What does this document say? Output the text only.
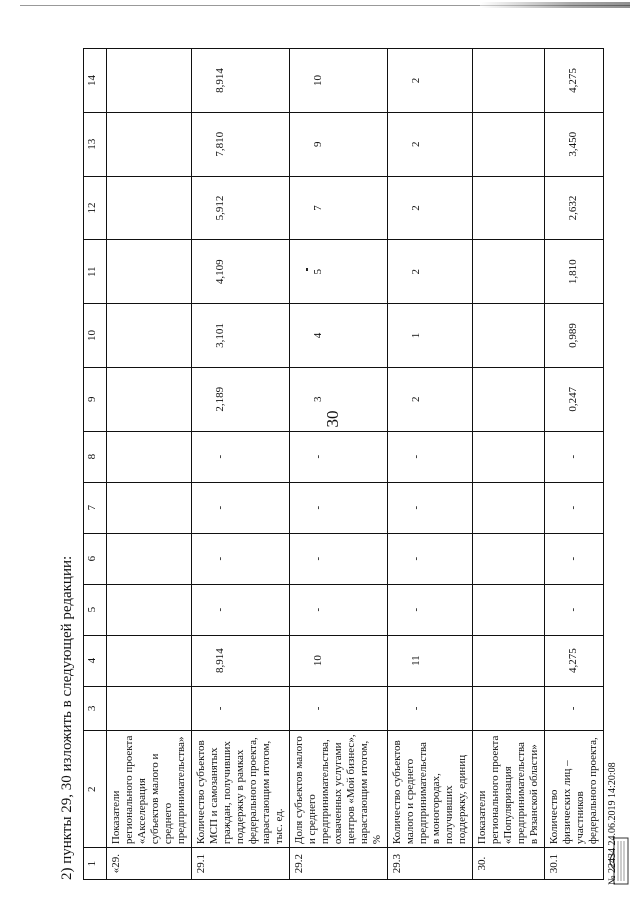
30
2) пункты 29, 30 изложить в следующей редакции:	1	2	3	4	5	6	7	8	9	10	11	12	13	14
«29.	Показатели регионального проекта «Акселерация субъектов малого и среднего предпринимательства»												
29.1	Количество субъектов МСП и самозанятых граждан, получивших поддержку в рамках федерального проекта, нарастающим итогом, тыс. ед.	-	8,914	-	-	-	-	2,189	3,101	4,109	5,912	7,810	8,914
29.2	Доля субъектов малого и среднего предпринимательства, охваченных услугами центров «Мой бизнес», нарастающим итогом, %	-	10	-	-	-	-	3	4	5	7	9	10
29.3	Количество субъектов малого и среднего предпринимательства в моногородах, получивших поддержку, единиц	-	11	-	-	-	-	2	1	2	2	2	2
30.	Показатели регионального проекта «Популяризация предпринимательства в Рязанской области»												
30.1	Количество физических лиц – участников федерального проекта,	-	4,275	-	-	-	-	0,247	0,989	1,810	2,632	3,450	4,275
№ 22434 24.06.2019 14:20:08
